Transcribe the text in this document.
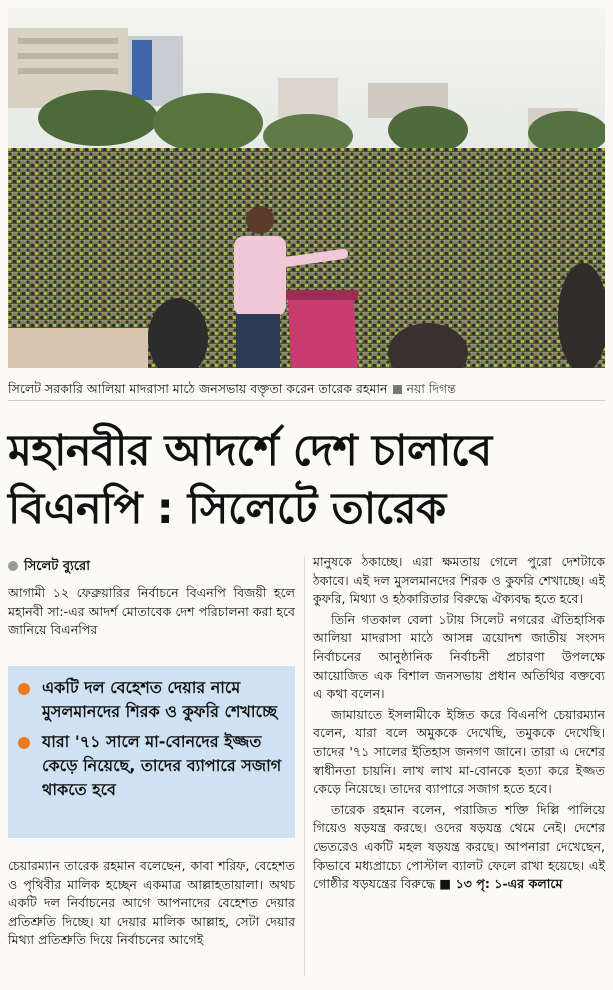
সিলেট সরকারি আলিয়া মাদরাসা মাঠে জনসভায় বক্তৃতা করেন তারেক রহমান নয়া দিগন্ত
মহানবীর আদর্শে দেশ চালাবে
বিএনপি : সিলেটে তারেক
সিলেট ব্যুরো

আগামী ১২ ফেব্রুয়ারির নির্বাচনে বিএনপি বিজয়ী হলে মহানবী সা:-এর আদর্শ মোতাবেক দেশ পরিচালনা করা হবে জানিয়ে বিএনপির

একটি দল বেহেশত দেয়ার নামে মুসলমানদের শিরক ও কুফরি শেখাচ্ছে
যারা '৭১ সালে মা-বোনদের ইজ্জত কেড়ে নিয়েছে, তাদের ব্যাপারে সজাগ থাকতে হবে

চেয়ারম্যান তারেক রহমান বলেছেন, কাবা শরিফ, বেহেশত ও পৃথিবীর মালিক হচ্ছেন একমাত্র আল্লাহতায়ালা। অথচ একটি দল নির্বাচনের আগে আপনাদের বেহেশত দেয়ার প্রতিশ্রুতি দিচ্ছে। যা দেয়ার মালিক আল্লাহ, সেটা দেয়ার মিথ্যা প্রতিশ্রুতি দিয়ে নির্বাচনের আগেই

মানুষকে ঠকাচ্ছে। এরা ক্ষমতায় গেলে পুরো দেশটাকে ঠকাবে। এই দল মুসলমানদের শিরক ও কুফরি শেখাচ্ছে। এই কুফরি, মিথ্যা ও হঠকারিতার বিরুদ্ধে ঐক্যবদ্ধ হতে হবে।

তিনি গতকাল বেলা ১টায় সিলেট নগরের ঐতিহাসিক আলিয়া মাদরাসা মাঠে আসন্ন ত্রয়োদশ জাতীয় সংসদ নির্বাচনের আনুষ্ঠানিক নির্বাচনী প্রচারণা উপলক্ষে আয়োজিত এক বিশাল জনসভায় প্রধান অতিথির বক্তব্যে এ কথা বলেন।

জামায়াতে ইসলামীকে ইঙ্গিত করে বিএনপি চেয়ারম্যান বলেন, যারা বলে অমুককে দেখেছি, তমুককে দেখেছি। তাদের '৭১ সালের ইতিহাস জনগণ জানে। তারা এ দেশের স্বাধীনতা চায়নি। লাখ লাখ মা-বোনকে হত্যা করে ইজ্জত কেড়ে নিয়েছে। তাদের ব্যাপারে সজাগ হতে হবে।

তারেক রহমান বলেন, পরাজিত শক্তি দিল্লি পালিয়ে গিয়েও ষড়যন্ত্র করছে। ওদের ষড়যন্ত্র থেমে নেই। দেশের ভেতরেও একটি মহল ষড়যন্ত্র করছে। আপনারা দেখেছেন, কিভাবে মধ্যপ্রাচ্যে পোস্টাল ব্যালট ফেলে রাখা হয়েছে। এই গোষ্ঠীর ষড়যন্ত্রের বিরুদ্ধে ■ ১৩ পৃ: ১-এর কলামে
